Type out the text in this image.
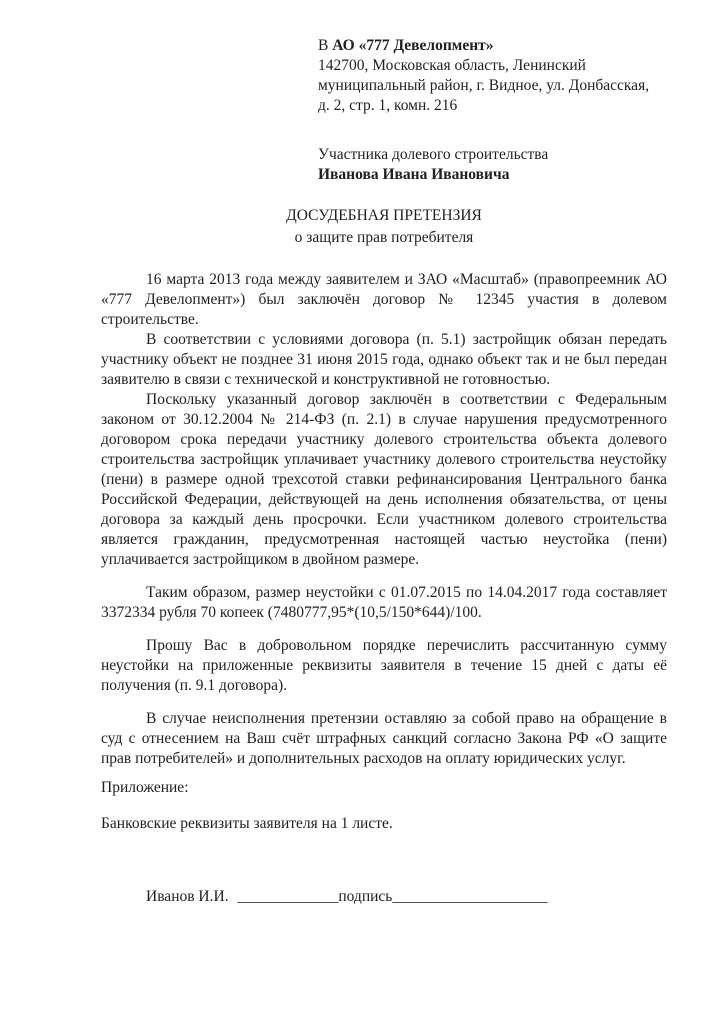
В АО «777 Девелопмент»
142700, Московская область, Ленинский
муниципальный район, г. Видное, ул. Донбасская,
д. 2, стр. 1, комн. 216
Участника долевого строительства
Иванова Ивана Ивановича
ДОСУДЕБНАЯ ПРЕТЕНЗИЯ
о защите прав потребителя

16 марта 2013 года между заявителем и ЗАО «Масштаб» (правопреемник АО «777 Девелопмент») был заключён договор № 12345 участия в долевом строительстве.

В соответствии с условиями договора (п. 5.1) застройщик обязан передать участнику объект не позднее 31 июня 2015 года, однако объект так и не был передан заявителю в связи с технической и конструктивной не готовностью.

Поскольку указанный договор заключён в соответствии с Федеральным законом от 30.12.2004 № 214-ФЗ (п. 2.1) в случае нарушения предусмотренного договором срока передачи участнику долевого строительства объекта долевого строительства застройщик уплачивает участнику долевого строительства неустойку (пени) в размере одной трехсотой ставки рефинансирования Центрального банка Российской Федерации, действующей на день исполнения обязательства, от цены договора за каждый день просрочки. Если участником долевого строительства является гражданин, предусмотренная настоящей частью неустойка (пени) уплачивается застройщиком в двойном размере.

Таким образом, размер неустойки с 01.07.2015 по 14.04.2017 года составляет 3372334 рубля 70 копеек (7480777,95*(10,5/150*644)/100.

Прошу Вас в добровольном порядке перечислить рассчитанную сумму неустойки на приложенные реквизиты заявителя в течение 15 дней с даты её получения (п. 9.1 договора).

В случае неисполнения претензии оставляю за собой право на обращение в суд с отнесением на Ваш счёт штрафных санкций согласно Закона РФ «О защите прав потребителей» и дополнительных расходов на оплату юридических услуг.

Приложение:
Банковские реквизиты заявителя на 1 листе.
Иванов И.И. _____________подпись____________________
